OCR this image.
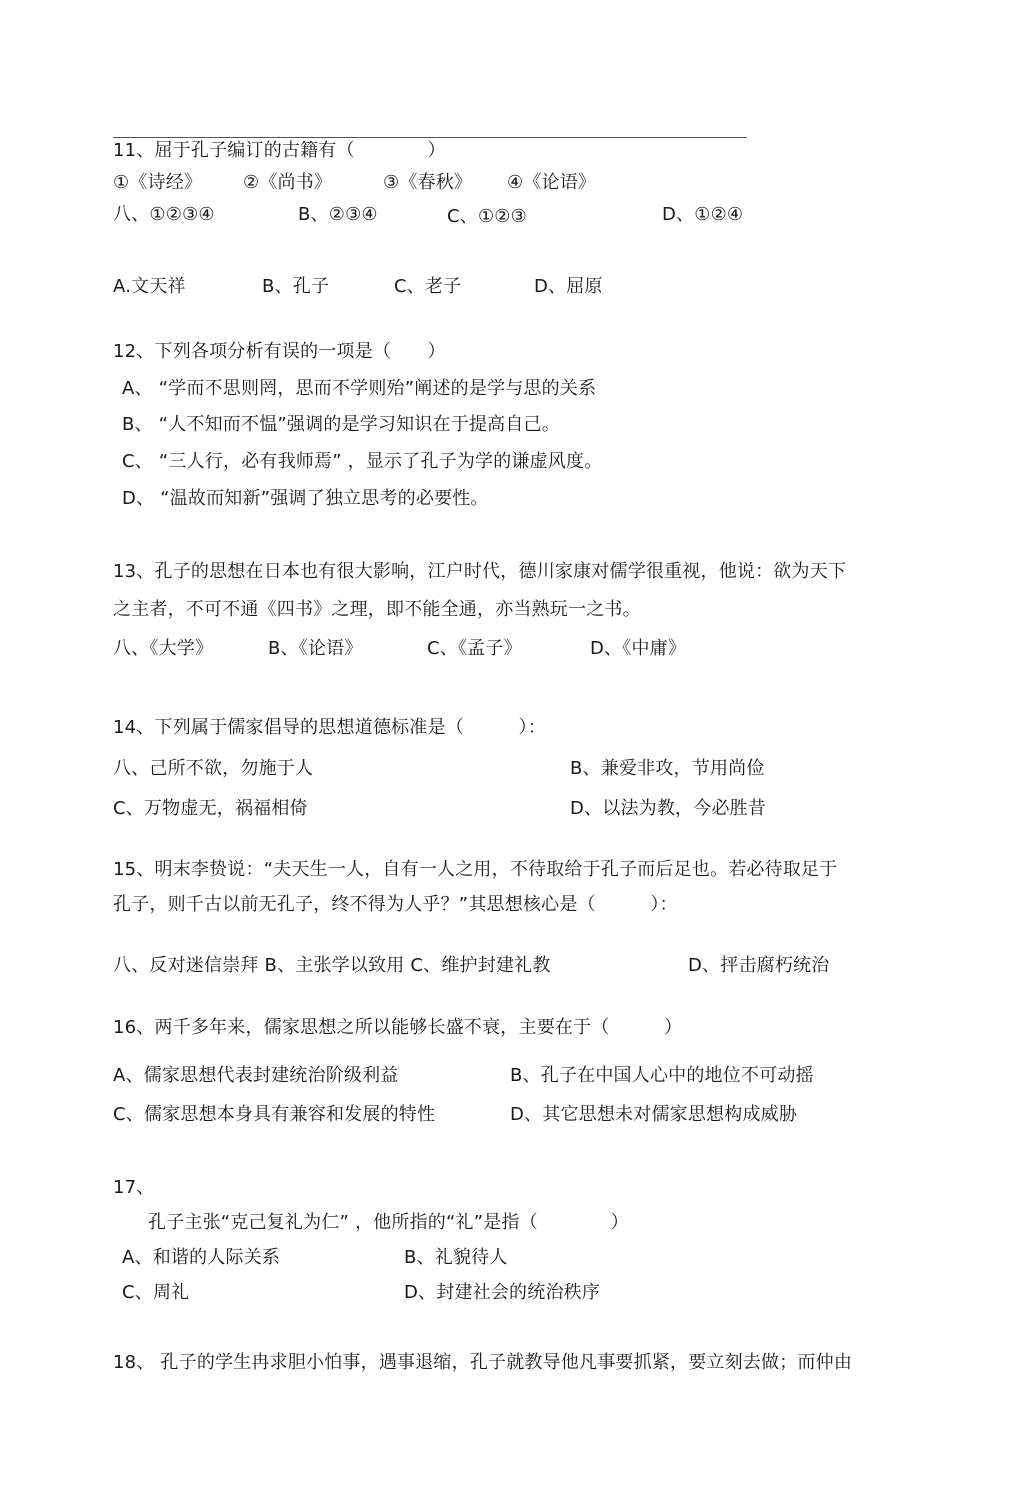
11、屈于孔子编订的古籍有（　　　　）
①《诗经》 ②《尚书》	③《春秋》 ④《论语》
八、①②③④	B、②③④	C、①②③	D、①②④
A.文天祥	B、孔子	C、老子	D、屈原
12、下列各项分析有误的一项是（　　）
A、 “学而不思则罔，思而不学则殆”阐述的是学与思的关系
B、 “人不知而不愠”强调的是学习知识在于提高自己。
C、 “三人行，必有我师焉” ，显示了孔子为学的谦虚风度。
D、 “温故而知新”强调了独立思考的必要性。
13、孔子的思想在日本也有很大影响，江户时代，德川家康对儒学很重视，他说：欲为天下
之主者，不可不通《四书》之理，即不能全通，亦当熟玩一之书。
八、《大学》	B、《论语》	C、《孟子》	D、《中庸》
14、下列属于儒家倡导的思想道德标准是（　　　）：
八、己所不欲，勿施于人	B、兼爱非攻，节用尚俭
C、万物虚无，祸福相倚	D、以法为教，今必胜昔
15、明末李贽说：“夫天生一人，自有一人之用，不待取给于孔子而后足也。若必待取足于
孔子，则千古以前无孔子，终不得为人乎？”其思想核心是（　　　）：
八、反对迷信崇拜 B、主张学以致用 C、维护封建礼教	D、抨击腐朽统治
16、两千多年来，儒家思想之所以能够长盛不衰，主要在于（　　　）
A、儒家思想代表封建统治阶级利益	B、孔子在中国人心中的地位不可动摇
C、儒家思想本身具有兼容和发展的特性	D、其它思想未对儒家思想构成威胁
17、
孔子主张“克己复礼为仁” ，他所指的“礼”是指（　　　　）
A、和谐的人际关系	B、礼貌待人
C、周礼	D、封建社会的统治秩序
18、 孔子的学生冉求胆小怕事，遇事退缩，孔子就教导他凡事要抓紧，要立刻去做；而仲由
